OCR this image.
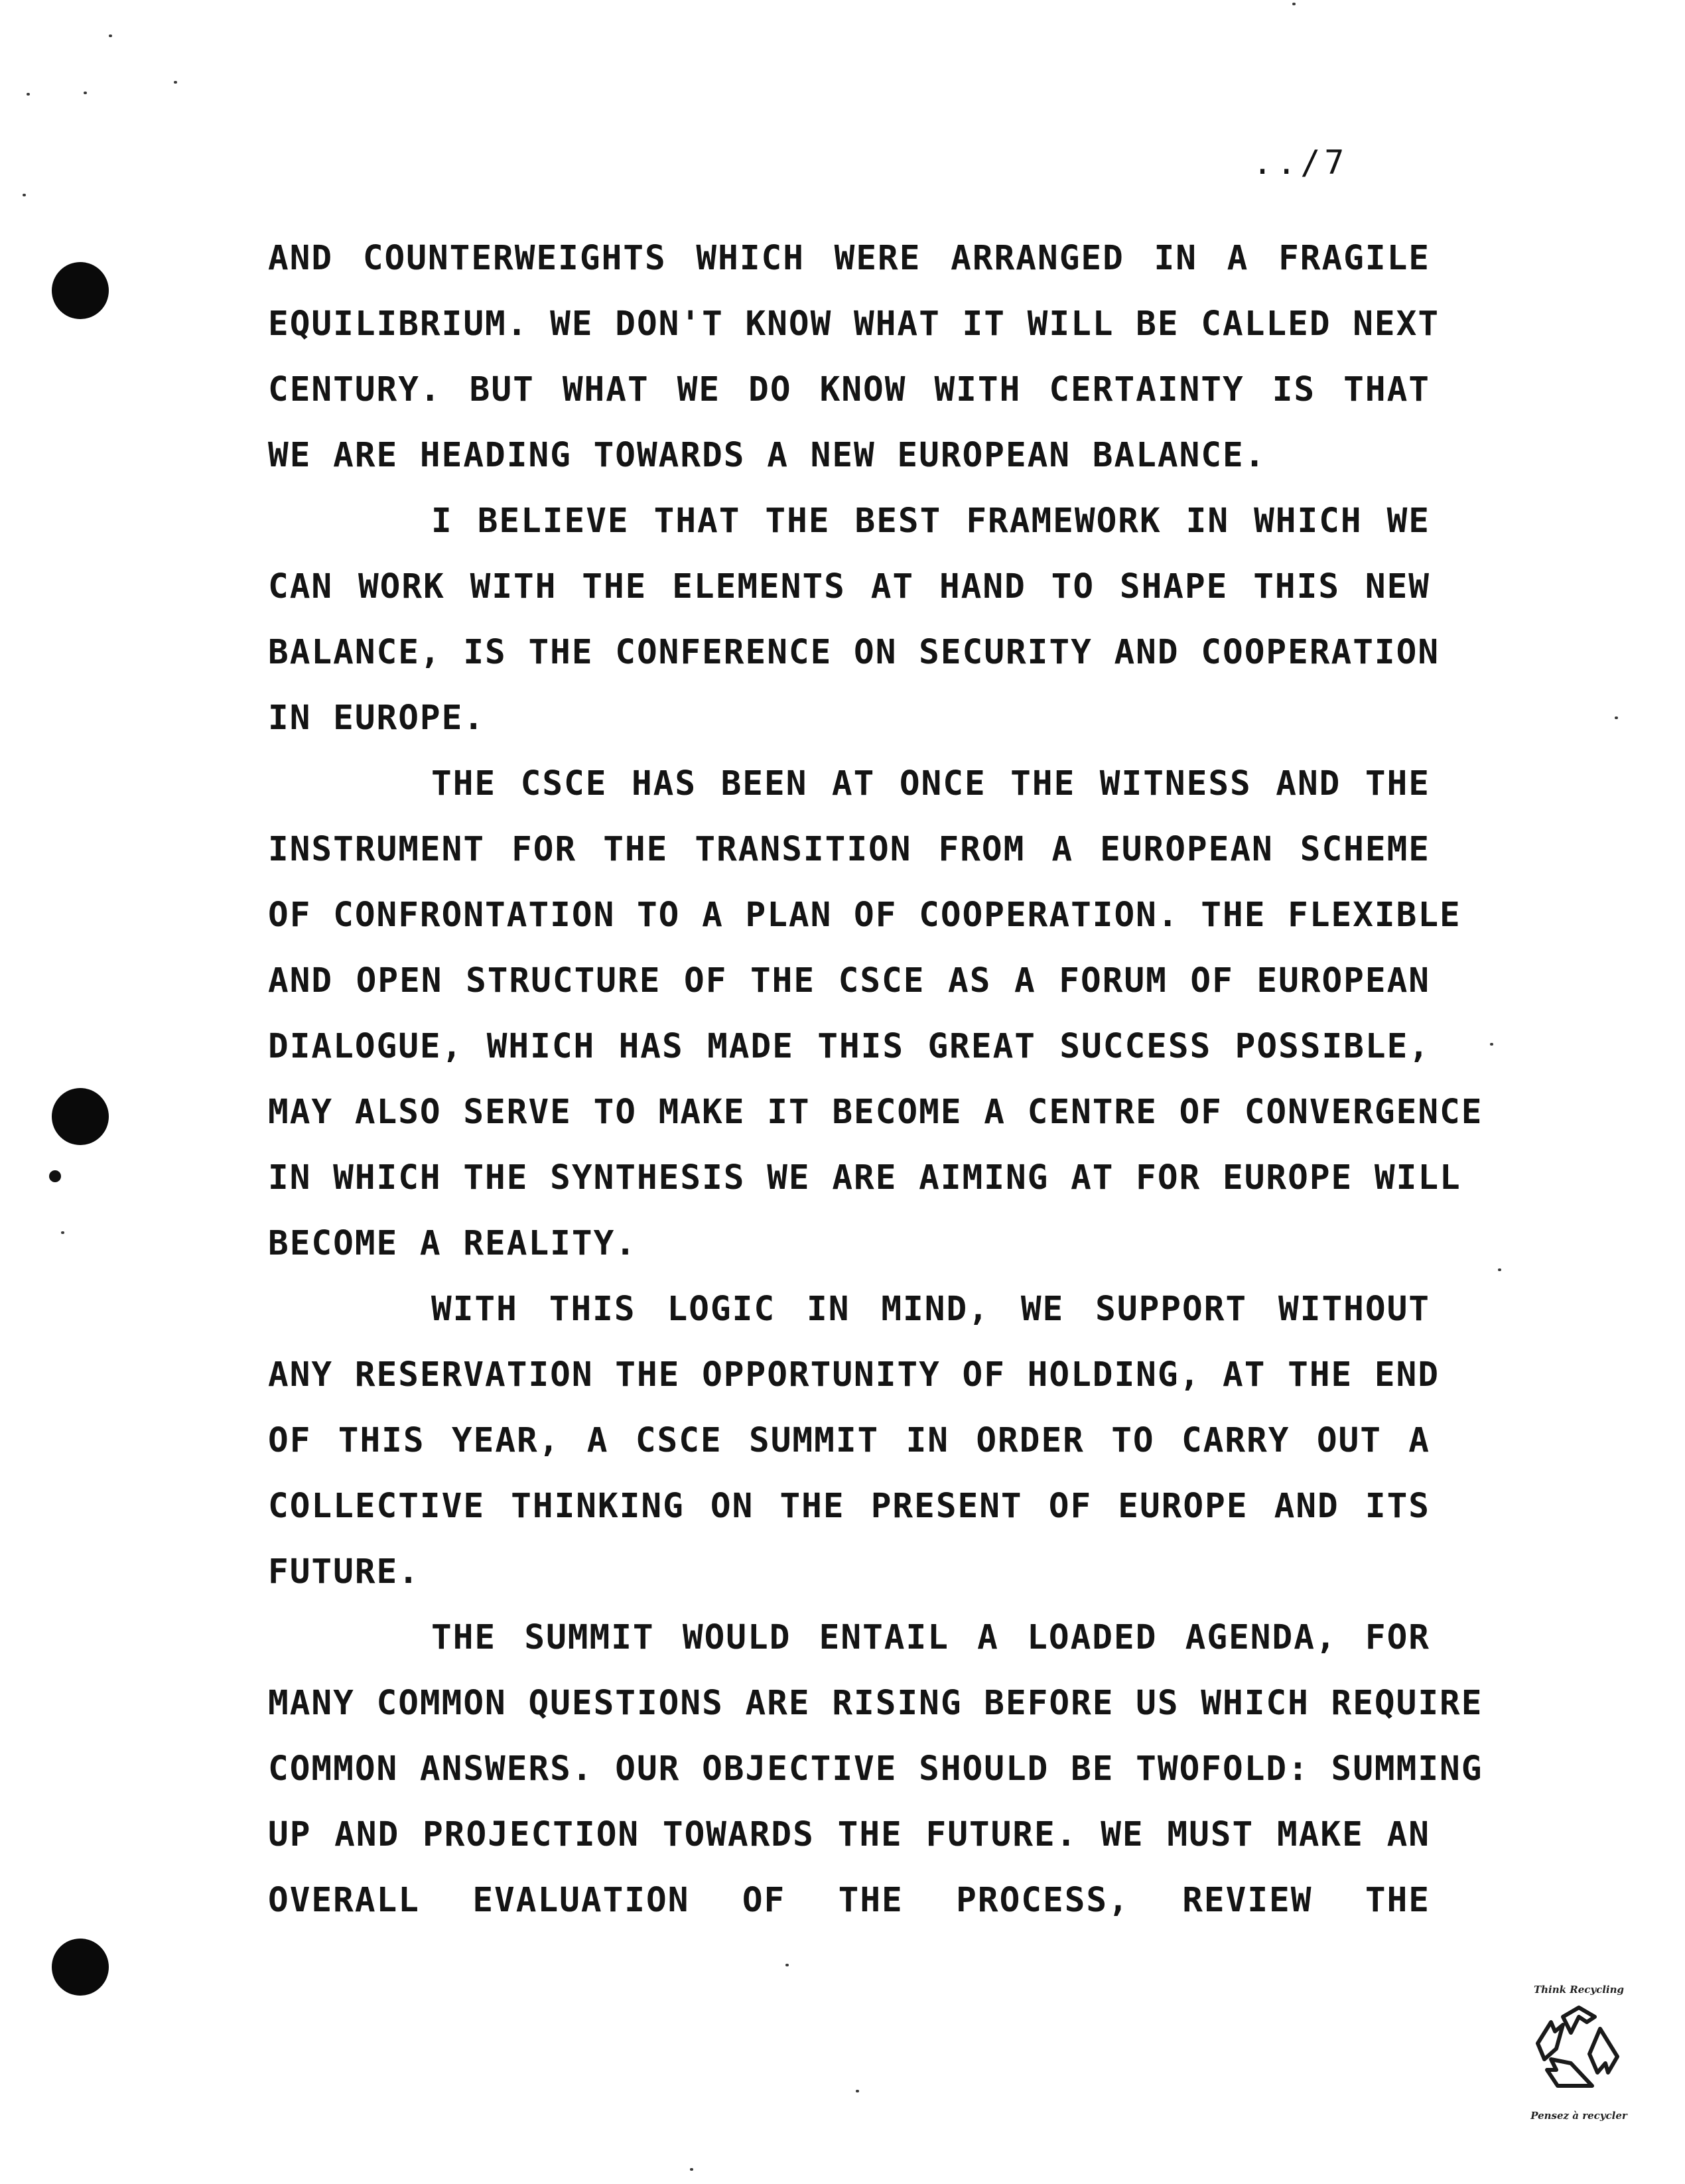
../7
AND COUNTERWEIGHTS WHICH WERE ARRANGED IN A FRAGILE
EQUILIBRIUM. WE DON'T KNOW WHAT IT WILL BE CALLED NEXT
CENTURY. BUT WHAT WE DO KNOW WITH CERTAINTY IS THAT
WE ARE HEADING TOWARDS A NEW EUROPEAN BALANCE.
I BELIEVE THAT THE BEST FRAMEWORK IN WHICH WE
CAN WORK WITH THE ELEMENTS AT HAND TO SHAPE THIS NEW
BALANCE, IS THE CONFERENCE ON SECURITY AND COOPERATION
IN EUROPE.
THE CSCE HAS BEEN AT ONCE THE WITNESS AND THE
INSTRUMENT FOR THE TRANSITION FROM A EUROPEAN SCHEME
OF CONFRONTATION TO A PLAN OF COOPERATION. THE FLEXIBLE
AND OPEN STRUCTURE OF THE CSCE AS A FORUM OF EUROPEAN
DIALOGUE, WHICH HAS MADE THIS GREAT SUCCESS POSSIBLE,
MAY ALSO SERVE TO MAKE IT BECOME A CENTRE OF CONVERGENCE
IN WHICH THE SYNTHESIS WE ARE AIMING AT FOR EUROPE WILL
BECOME A REALITY.
WITH THIS LOGIC IN MIND, WE SUPPORT WITHOUT
ANY RESERVATION THE OPPORTUNITY OF HOLDING, AT THE END
OF THIS YEAR, A CSCE SUMMIT IN ORDER TO CARRY OUT A
COLLECTIVE THINKING ON THE PRESENT OF EUROPE AND ITS
FUTURE.
THE SUMMIT WOULD ENTAIL A LOADED AGENDA, FOR
MANY COMMON QUESTIONS ARE RISING BEFORE US WHICH REQUIRE
COMMON ANSWERS. OUR OBJECTIVE SHOULD BE TWOFOLD: SUMMING
UP AND PROJECTION TOWARDS THE FUTURE. WE MUST MAKE AN
OVERALL EVALUATION OF THE PROCESS, REVIEW THE
Think Recycling
Pensez à recycler
